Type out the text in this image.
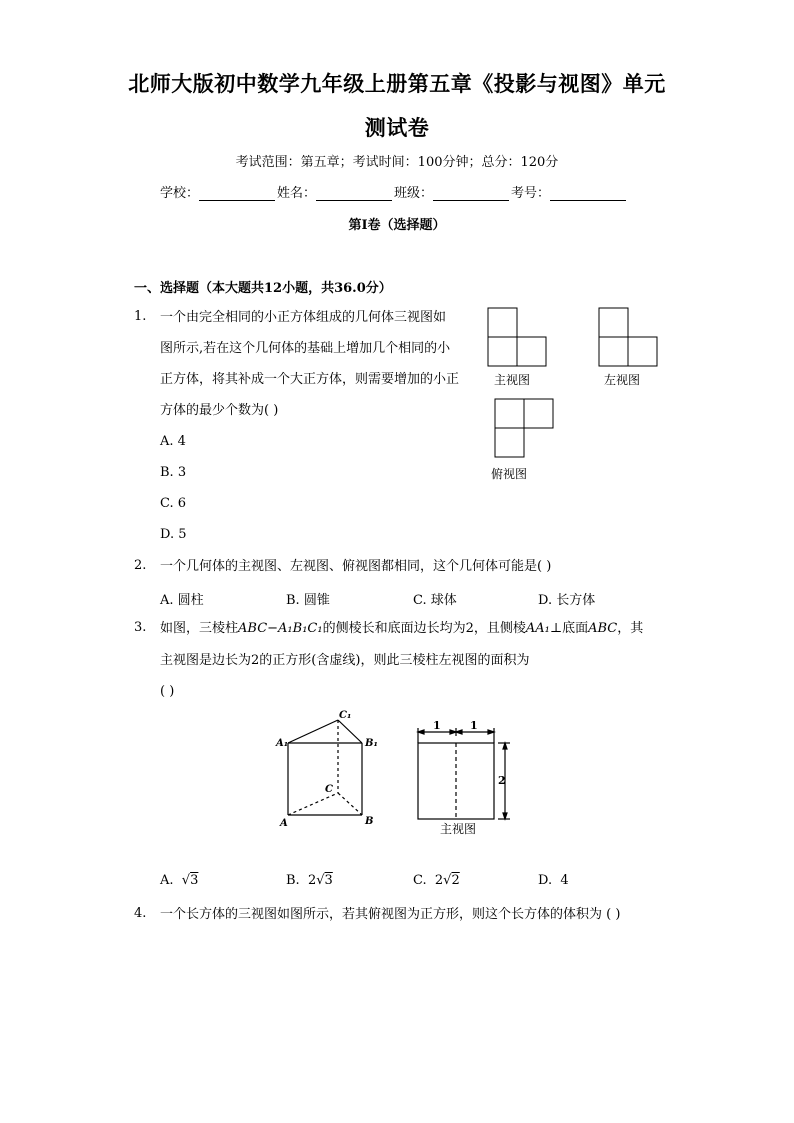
北师大版初中数学九年级上册第五章《投影与视图》单元
测试卷
考试范围：第五章；考试时间：100分钟；总分：120分
学校：	姓名：	班级：	考号：
第I卷（选择题）
一、选择题（本大题共12小题，共36.0分）
1. 一个由完全相同的小正方体组成的几何体三视图如
图所示,若在这个几何体的基础上增加几个相同的小
正方体，将其补成一个大正方体，则需要增加的小正
方体的最少个数为( )
A. 4
B. 3
C. 6
D. 5
主视图	左视图
俯视图
2. 一个几何体的主视图、左视图、俯视图都相同，这个几何体可能是( )
A. 圆柱	B. 圆锥	C. 球体	D. 长方体
3. 如图，三棱柱ABC−A₁B₁C₁的侧棱长和底面边长均为2，且侧棱AA₁⊥底面ABC，其
主视图是边长为2的正方形(含虚线)，则此三棱柱左视图的面积为
( )
C₁
A₁	B₁
C
A	B
1	1
2
主视图
A. √3	B. 2√3	C. 2√2	D. 4
4. 一个长方体的三视图如图所示，若其俯视图为正方形，则这个长方体的体积为 ( )
